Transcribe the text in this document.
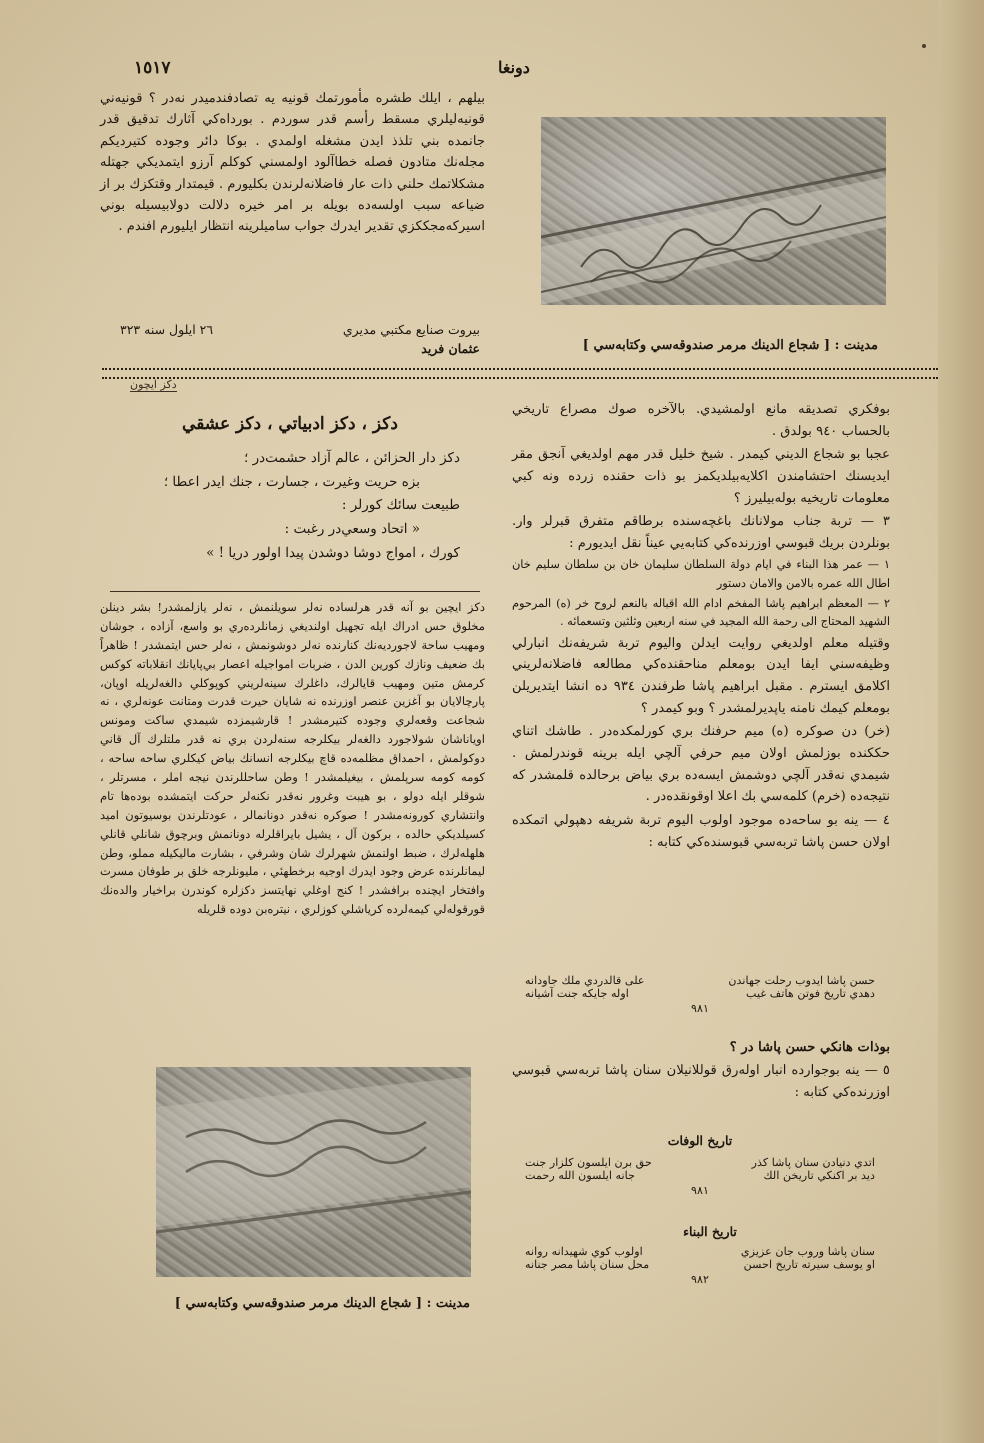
١٥١٧	دونغا
بيلهم ، ايلك طشره مأمورتمك قونيه يه تصادفندميدر نه‌در ؟ قونيه‌ني قونيه‌ليلري مسقط رأسم قدر سوردم . بورداه‌كي آثارك تدقيق قدر جانمده بني تلذذ ايدن مشغله اولمدي . بوكا دائر وجوده كتيرديكم مجله‌نك متادون فصله خطاآلود اولمسني كوكلم آرزو ايتمديكي جهتله مشكلاتمك حلني ذات عار فاضلانه‌لرندن بكليورم . قيمتدار وقتكزك بر از ضياعه سبب اولسه‌ده بويله بر امر خيره دلالت دولابيسيله بوني اسيركه‌مجككزي تقدير ايدرك جواب ساميلرينه انتظار ايليورم افندم .
بيروت صنايع مكتبي مديري
٢٦ ايلول سنه ٣٢٣
عثمان فريد
دكز ايچون
دكز ، دكز ادبياتي ، دكز عشقي

دكز دار الحزائن ، عالم آزاد حشمت‌در ؛

بزه حريت وغيرت ، جسارت ، جنك ايدر اعطا ؛

طبيعت سائك كورلر :

« اتحاد وسعي‌در رغبت :

كورك ، امواج دوشا دوشدن پيدا اولور دريا ! »

دكز ايچين بو آنه قدر هرلساده نه‌لر سويلنمش ، نه‌لر يازلمشدر! بشر دينلن مخلوق حس ادراك ايله تجهيل اولنديغي زمانلرده‌ري بو واسع، آزاده ، جوشان ومهيب ساحة لاجورديه‌نك كنارنده نه‌لر دوشونمش ، نه‌لر حس ايتمشدر ! ظاهراً بك ضعيف ونازك كورين الدن ، ضربات امواجيله اعصار بي‌پايانك انقلاباته كوكس كرمش متين ومهيب قايالرك، داغلرك سينه‌لريني كوپوكلي دالغه‌لريله اوپان، پارچالايان بو آغزين عنصر اوزرنده نه شايان حيرت قدرت ومتانت عونه‌لري ، نه شجاعت وقعه‌لري وجوده كتيرمشدر ! قارشيمزده شيمدي ساكت ومونس اوياناشان شولاجورد دالغه‌لر بيكلرجه سنه‌لردن بري نه قدر ملتلرك آل قاني دوكولمش ، احمداق مظلمه‌ده قاچ بيكلرجه انسانك بياض كيكلري ساحه ساحه ، كومه كومه سرپلمش ، بيغيلمشدر ! وطن ساحللرندن نيجه املر ، مسرتلر ، شوقلر ايله دولو ، بو هيبت وغرور نه‌قدر نكنه‌لر حركت ايتمشده بوده‌ها تام وانتشاري كورونه‌مشدر ! صوكره نه‌قدر دونانمالر ، عودتلرندن بوسيوتون اميد كسيلديكي حالده ، بركون آل ، يشيل بايراقلرله دونانمش وبرچوق شانلي قانلي هلهله‌لرك ، ضبط اولنمش شهرلرك شان وشرفي ، بشارت ماليكيله مملو، وطن ليمانلرنده عرض وجود ايدرك اوجيه برخطهئي ، مليونلرجه خلق بر طوفان مسرت وافتخار ايچنده برافشدر ! كنج اوغلي نهايتسز دكزلره كوندرن براخيار والده‌نك قورقوله‌لي كيمه‌لرده كرياشلي كوزلري ، نيتره‌بن دوده قلريله
مدينت : [ شجاع الدينك مرمر صندوقه‌سي وكتابه‌سي ]

بوفكري تصديقه مانع اولمشيدي. بالآخره صوك مصراع تاريخي بالحساب ٩٤٠ بولدق .

عجبا بو شجاع الديني كيمدر . شيخ خليل قدر مهم اولديغي آنجق مقر ايديسنك احتشامندن اكلايه‌بيلديكمز بو ذات حقنده زرده ونه كبي معلومات تاريخيه بوله‌بيليرز ؟

٣ — تربة جناب مولانانك باغچه‌سنده برطاقم متفرق قبرلر وار. بونلردن بريك قبوسي اوزرنده‌كي كتابه‌يي عيناً نقل ايديورم :

١ — عمر هذا البناء في ايام دولة السلطان سليمان خان بن سلطان سليم خان اطال الله عمره بالامن والامان دستور

٢ — المعظم ابراهيم پاشا المفخم ادام الله اقباله بالنعم لروح خر (ه) المرحوم الشهيد المحتاج الى رحمة الله المجيد في سنه اربعين وثلثين وتسعمائه .

وقتيله معلم اولديغي روايت ايدلن واليوم تربة شريفه‌نك انبارلي وظيفه‌سني ايفا ايدن بومعلم مناحقنده‌كي مطالعه فاضلانه‌لريني اكلامق ايسترم . مقبل ابراهيم پاشا طرفندن ٩٣٤ ده انشا ايتديريلن بومعلم كيمك نامنه ياپديرلمشدر ؟ وبو كيمدر ؟

(خر) دن صوكره (ه) ميم حرفنك بري كورلمكده‌در . طاشك اتناي حككنده بوزلمش اولان ميم حرفي آلچي ايله برينه قوندرلمش . شيمدي نه‌قدر آلچي دوشمش ايسه‌ده بري بياض برحالده قلمشدر كه نتيجه‌ده (خرم) كلمه‌سي بك اعلا اوقونقده‌در .

٤ — ينه بو ساحه‌ده موجود اولوب اليوم تربة شريفه دهپولي اتمكده اولان حسن پاشا تربه‌سي قبوسنده‌كي كتابه :

حسن پاشا ايدوب رحلت جهاندن
على قالدردي ملك جاودانه
دهدي تاريخ فوتن هاتف غيب
اوله جايكه جنت آشيانه
٩٨١

بوذات هانكي حسن پاشا در ؟

٥ — ينه بوجوارده انبار اوله‌رق قوللانيلان سنان پاشا تربه‌سي قبوسي اوزرنده‌كي كتابه :

تاريخ الوفات
اتدي دنيادن سنان پاشا كذر
حق برن ايلسون كلزار جنت
ديد بر اكنكي تاريخن الك
جانه ايلسون الله رحمت
٩٨١
تاريخ البناء
سنان پاشا وروب جان عزيزي
اولوب كوي شهيدانه روانه
او يوسف سيرته تاريخ احسن
محل سنان پاشا مصر جنانه
٩٨٢
مدينت : [ شجاع الدينك مرمر صندوقه‌سي وكتابه‌سي ]
